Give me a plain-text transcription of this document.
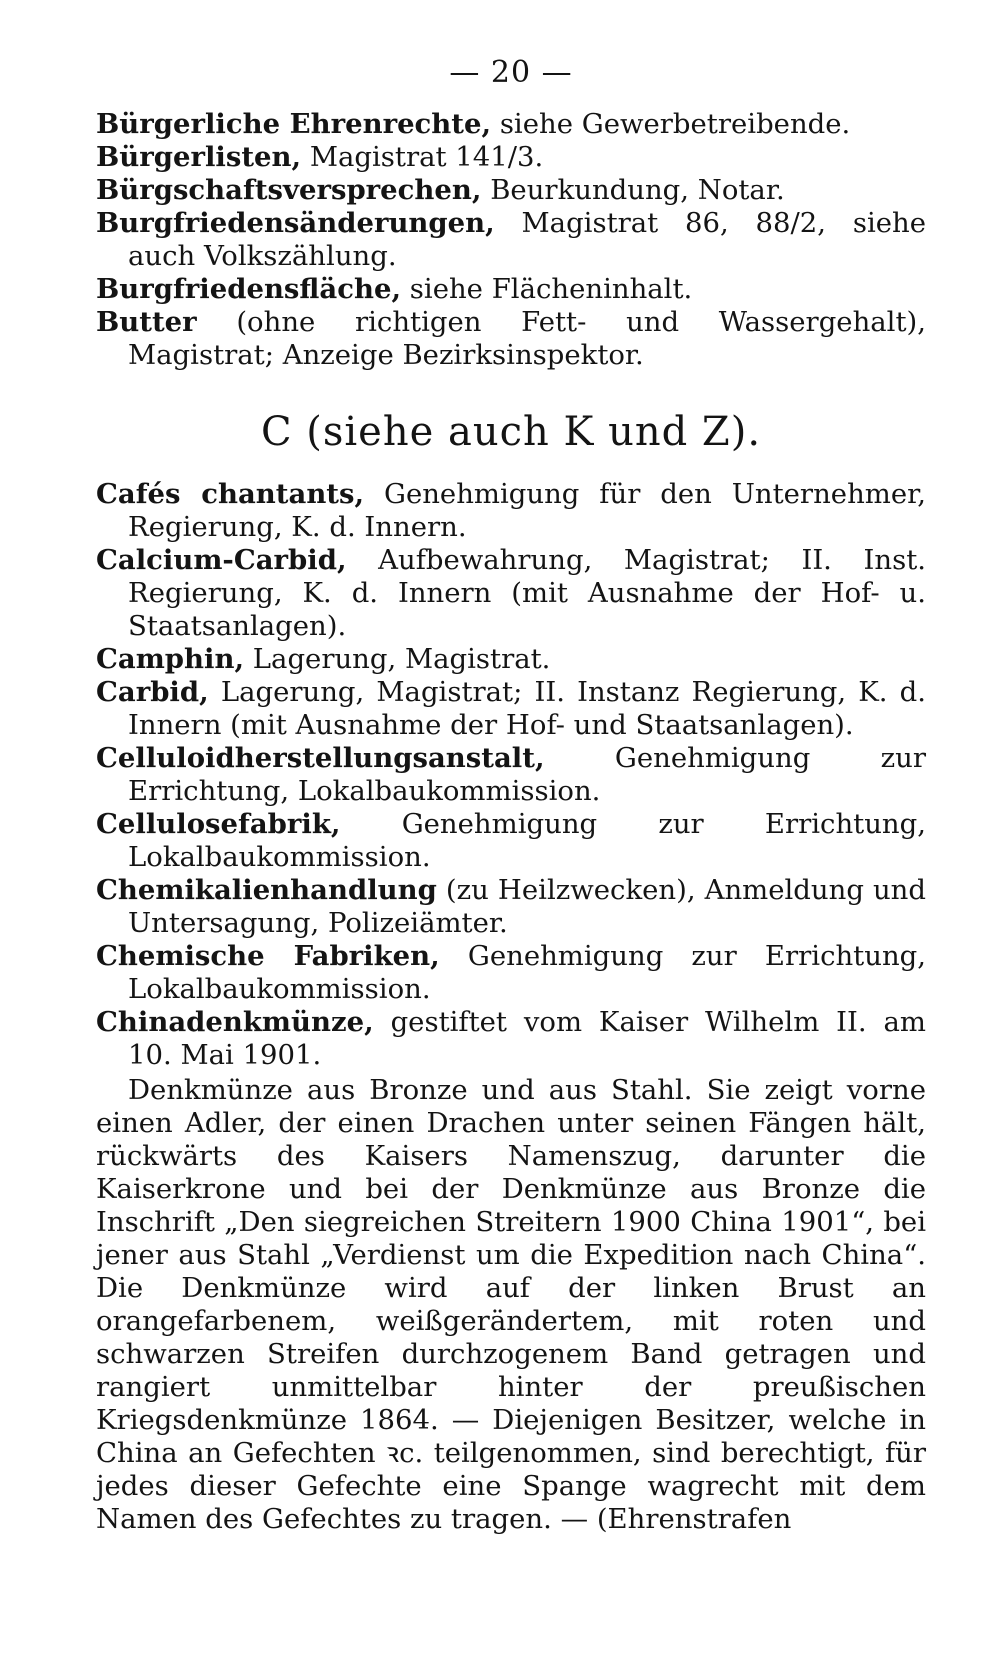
— 20 —

Bürgerliche Ehrenrechte, siehe Gewerbetreibende.

Bürgerlisten, Magistrat 141/3.

Bürgschaftsversprechen, Beurkundung, Notar.

Burgfriedensänderungen, Magistrat 86, 88/2, siehe auch Volkszählung.

Burgfriedensfläche, siehe Flächeninhalt.

Butter (ohne richtigen Fett- und Wassergehalt), Magistrat; Anzeige Bezirksinspektor.

C (siehe auch K und Z).

Cafés chantants, Genehmigung für den Unternehmer, Regierung, K. d. Innern.

Calcium-Carbid, Aufbewahrung, Magistrat; II. Inst. Regierung, K. d. Innern (mit Ausnahme der Hof- u. Staatsanlagen).

Camphin, Lagerung, Magistrat.

Carbid, Lagerung, Magistrat; II. Instanz Regierung, K. d. Innern (mit Ausnahme der Hof- und Staatsanlagen).

Celluloidherstellungsanstalt, Genehmigung zur Errichtung, Lokalbaukommission.

Cellulosefabrik, Genehmigung zur Errichtung, Lokalbaukommission.

Chemikalienhandlung (zu Heilzwecken), Anmeldung und Untersagung, Polizeiämter.

Chemische Fabriken, Genehmigung zur Errichtung, Lokalbaukommission.

Chinadenkmünze, gestiftet vom Kaiser Wilhelm II. am 10. Mai 1901.

Denkmünze aus Bronze und aus Stahl. Sie zeigt vorne einen Adler, der einen Drachen unter seinen Fängen hält, rückwärts des Kaisers Namenszug, darunter die Kaiserkrone und bei der Denkmünze aus Bronze die Inschrift „Den siegreichen Streitern 1900 China 1901“, bei jener aus Stahl „Verdienst um die Expedition nach China“. Die Denkmünze wird auf der linken Brust an orangefarbenem, weißgerändertem, mit roten und schwarzen Streifen durchzogenem Band getragen und rangiert unmittelbar hinter der preußischen Kriegsdenkmünze 1864. — Diejenigen Besitzer, welche in China an Gefechten ꝛc. teilgenommen, sind berechtigt, für jedes dieser Gefechte eine Spange wagrecht mit dem Namen des Gefechtes zu tragen. — (Ehrenstrafen
